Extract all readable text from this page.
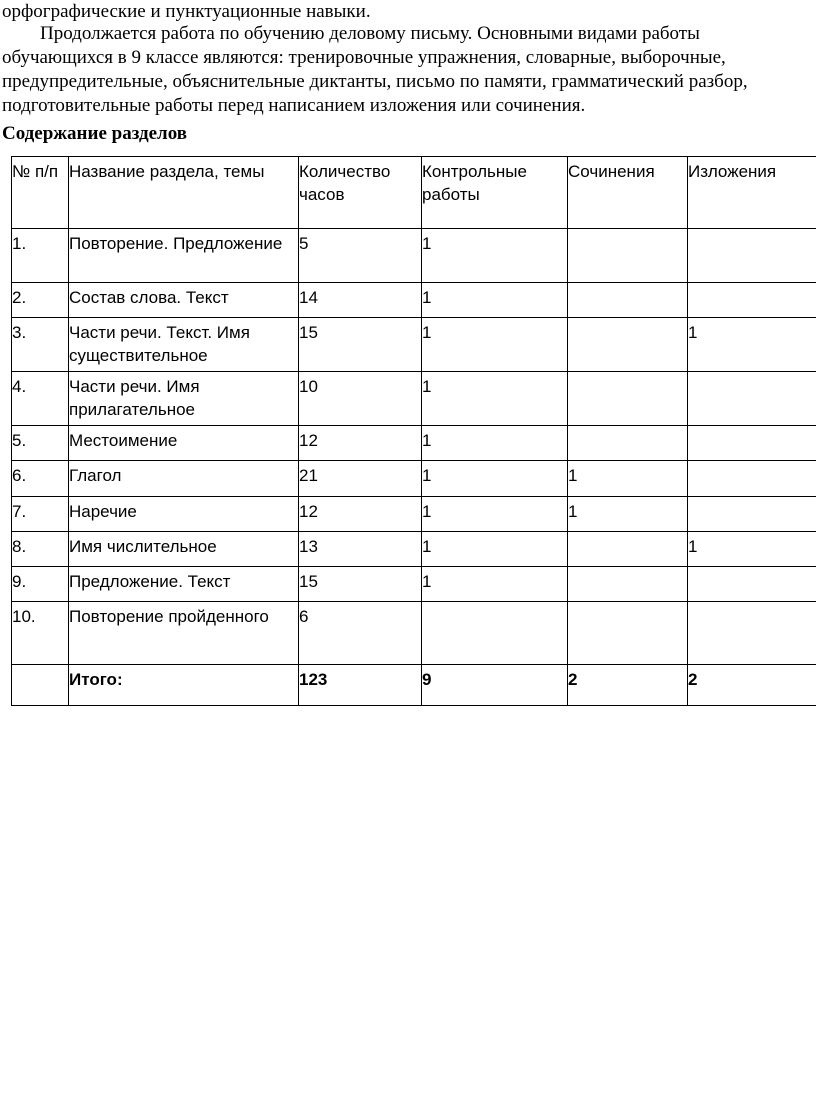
орфографические и пунктуационные навыки.

Продолжается работа по обучению деловому письму. Основными видами работы обучающихся в 9 классе являются: тренировочные упражнения, словарные, выборочные, предупредительные, объяснительные диктанты, письмо по памяти, грамматический разбор, подготовительные работы перед написанием изложения или сочинения.

Содержание разделов
№ п/п	Название раздела, темы	Количество часов	Контрольные работы	Сочинения	Изложения
1.	Повторение. Предложение	5	1		
2.	Состав слова. Текст	14	1		
3.	Части речи. Текст. Имя существительное	15	1		1
4.	Части речи. Имя прилагательное	10	1		
5.	Местоимение	12	1		
6.	Глагол	21	1	1	
7.	Наречие	12	1	1	
8.	Имя числительное	13	1		1
9.	Предложение. Текст	15	1		
10.	Повторение пройденного	6			
	Итого:	123	9	2	2
